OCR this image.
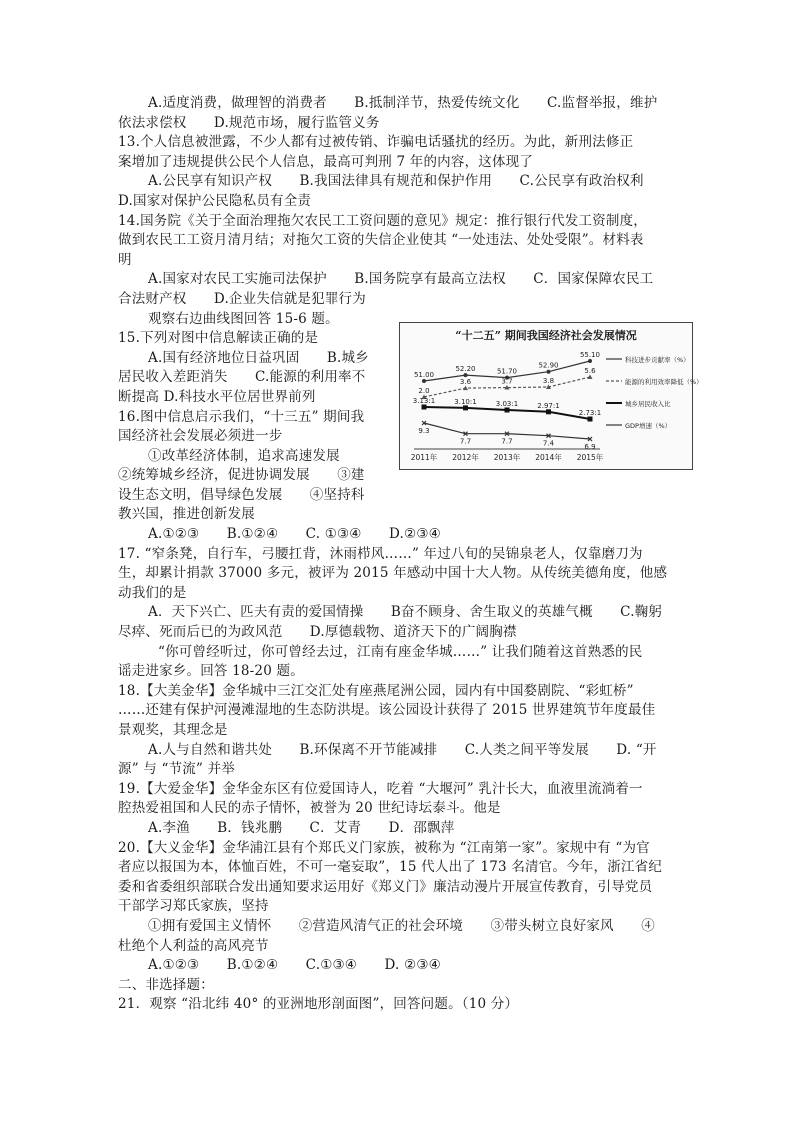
A.适度消费，做理智的消费者　　B.抵制洋节，热爱传统文化　　C.监督举报，维护
依法求偿权　　D.规范市场，履行监管义务
13.个人信息被泄露，不少人都有过被传销、诈骗电话骚扰的经历。为此，新刑法修正
案增加了违规提供公民个人信息，最高可判刑 7 年的内容，这体现了
A.公民享有知识产权　　B.我国法律具有规范和保护作用　　C.公民享有政治权利
D.国家对保护公民隐私员有全责
14.国务院《关于全面治理拖欠农民工工资问题的意见》规定：推行银行代发工资制度，
做到农民工工资月清月结；对拖欠工资的失信企业使其 “一处违法、处处受限”。材料表
明
A.国家对农民工实施司法保护　　B.国务院享有最高立法权　　C．国家保障农民工
合法财产权　　D.企业失信就是犯罪行为
观察右边曲线图回答 15-6 题。
15.下列对图中信息解读正确的是
A.国有经济地位日益巩固　　B.城乡
居民收入差距消失　　C.能源的利用率不
断提高 D.科技水平位居世界前列
16.图中信息启示我们，“十三五” 期间我
国经济社会发展必须进一步
①改革经济体制，追求高速发展
②统筹城乡经济，促进协调发展　　③建
设生态文明，倡导绿色发展　　④坚持科
教兴国，推进创新发展
A.①②③　　B.①②④　　C. ①③④　　D.②③④
17. “窄条凳，自行车，弓腰扛背，沐雨栉风……” 年过八旬的吴锦泉老人，仅靠磨刀为
生，却累计捐款 37000 多元，被评为 2015 年感动中国十大人物。从传统美德角度，他感
动我们的是
A．天下兴亡、匹夫有责的爱国情操　　B奋不顾身、舍生取义的英雄气概　　C.鞠躬
尽瘁、死而后已的为政风范　　D.厚德载物、道济天下的广阔胸襟
“你可曾经听过，你可曾经去过，江南有座金华城……” 让我们随着这首熟悉的民
谣走进家乡。回答 18-20 题。
18.【大美金华】金华城中三江交汇处有座燕尾洲公园，园内有中国婺剧院、“彩虹桥”
……还建有保护河漫滩湿地的生态防洪堤。该公园设计获得了 2015 世界建筑节年度最佳
景观奖，其理念是
A.人与自然和谐共处　　B.环保离不开节能减排　　C.人类之间平等发展　　D. “开
源” 与 “节流” 并举
19.【大爱金华】金华金东区有位爱国诗人，吃着 “大堰河” 乳汁长大，血液里流淌着一
腔热爱祖国和人民的赤子情怀，被誉为 20 世纪诗坛泰斗。他是
A.李渔　　B．钱兆鹏　　C．艾青　　D．邵飘萍
20.【大义金华】金华浦江县有个郑氏义门家族，被称为 “江南第一家”。家规中有 “为官
者应以报国为本，体恤百姓，不可一毫妄取”，15 代人出了 173 名清官。今年，浙江省纪
委和省委组织部联合发出通知要求运用好《郑义门》廉洁动漫片开展宣传教育，引导党员
干部学习郑氏家族，坚持
①拥有爱国主义情怀　　②营造风清气正的社会环境　　③带头树立良好家风　　④
杜绝个人利益的高风亮节
A.①②③　　B.①②④　　C.①③④　　D. ②③④
二、非选择题：
21．观察 “沿北纬 40° 的亚洲地形剖面图”，回答问题。（10 分）
“十二五” 期间我国经济社会发展情况
2011年 2012年 2013年 2014年 2015年
51.00
52.20	51.70
52.90
55.10
科技进步贡献率（%）
2.0
3.6	3.7	3.8
5.6
能源的利用效率降低（%）
3.13:1	3.10:1	3.03:1	2.97:1
2.73:1
城乡居民收入比
9.3
7.7	7.7	7.4	6.9
GDP增速（%）
